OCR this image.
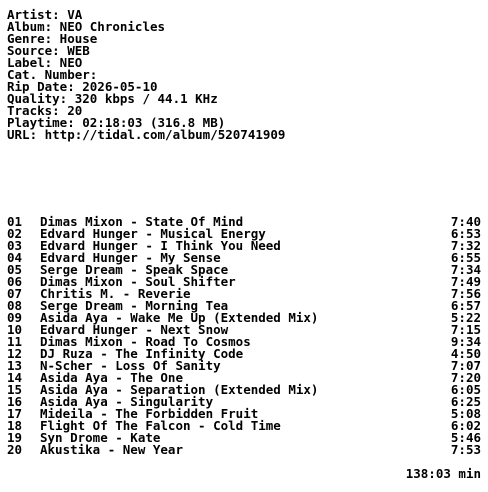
Artist: VA
Album: NEO Chronicles
Genre: House
Source: WEB
Label: NEO
Cat. Number:
Rip Date: 2026-05-10
Quality: 320 kbps / 44.1 KHz
Tracks: 20
Playtime: 02:18:03 (316.8 MB)
URL: http://tidal.com/album/520741909
01 Dimas Mixon - State Of Mind	7:40
02 Edvard Hunger - Musical Energy	6:53
03 Edvard Hunger - I Think You Need	7:32
04 Edvard Hunger - My Sense	6:55
05 Serge Dream - Speak Space	7:34
06 Dimas Mixon - Soul Shifter	7:49
07 Chritis M. - Reverie	7:56
08 Serge Dream - Morning Tea	6:57
09 Asida Aya - Wake Me Up (Extended Mix)	5:22
10 Edvard Hunger - Next Snow	7:15
11 Dimas Mixon - Road To Cosmos	9:34
12 DJ Ruza - The Infinity Code	4:50
13 N-Scher - Loss Of Sanity	7:07
14 Asida Aya - The One	7:20
15 Asida Aya - Separation (Extended Mix)	6:05
16 Asida Aya - Singularity	6:25
17 Mideila - The Forbidden Fruit	5:08
18 Flight Of The Falcon - Cold Time	6:02
19 Syn Drome - Kate	5:46
20 Akustika - New Year	7:53
138:03 min
